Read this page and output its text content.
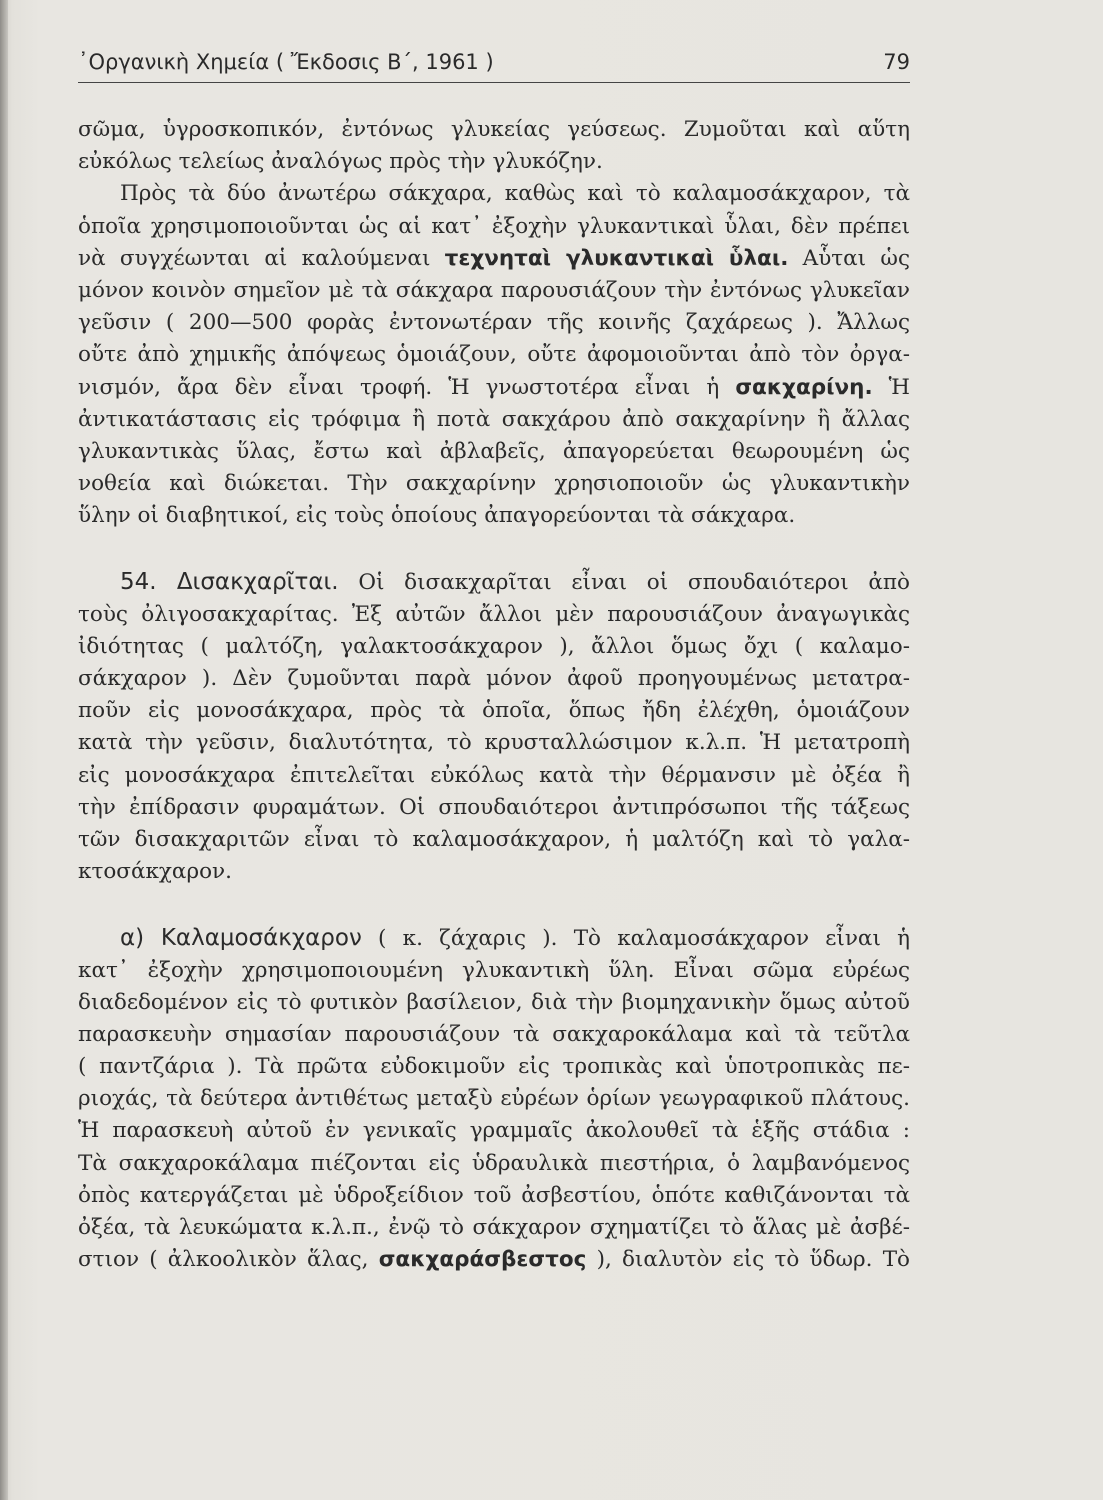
᾿Οργανικὴ Χημεία ( Ἔκδοσις Β΄, 1961 )	79
σῶμα, ὑγροσκοπικόν, ἐντόνως γλυκείας γεύσεως. Ζυμοῦται καὶ αὕτη
εὐκόλως τελείως ἀναλόγως πρὸς τὴν γλυκόζην.
Πρὸς τὰ δύο ἀνωτέρω σάκχαρα, καθὼς καὶ τὸ καλαμοσάκχαρον, τὰ
ὁποῖα χρησιμοποιοῦνται ὡς αἱ κατ᾿ ἐξοχὴν γλυκαντικαὶ ὗλαι, δὲν πρέπει
νὰ συγχέωνται αἱ καλούμεναι τεχνηταὶ γλυκαντικαὶ ὗλαι. Αὗται ὡς
μόνον κοινὸν σημεῖον μὲ τὰ σάκχαρα παρουσιάζουν τὴν ἐντόνως γλυκεῖαν
γεῦσιν ( 200—500 φορὰς ἐντονωτέραν τῆς κοινῆς ζαχάρεως ). Ἄλλως
οὔτε ἀπὸ χημικῆς ἀπόψεως ὁμοιάζουν, οὔτε ἀφομοιοῦνται ἀπὸ τὸν ὀργα-
νισμόν, ἄρα δὲν εἶναι τροφή. Ἡ γνωστοτέρα εἶναι ἡ σακχαρίνη. Ἡ
ἀντικατάστασις εἰς τρόφιμα ἢ ποτὰ σακχάρου ἀπὸ σακχαρίνην ἢ ἄλλας
γλυκαντικὰς ὕλας, ἔστω καὶ ἀβλαβεῖς, ἀπαγορεύεται θεωρουμένη ὡς
νοθεία καὶ διώκεται. Τὴν σακχαρίνην χρησιοποιοῦν ὡς γλυκαντικὴν
ὕλην οἱ διαβητικοί, εἰς τοὺς ὁποίους ἀπαγορεύονται τὰ σάκχαρα.
54. Δισακχαρῖται. Οἱ δισακχαρῖται εἶναι οἱ σπουδαιότεροι ἀπὸ
τοὺς ὀλιγοσακχαρίτας. Ἐξ αὐτῶν ἄλλοι μὲν παρουσιάζουν ἀναγωγικὰς
ἰδιότητας ( μαλτόζη, γαλακτοσάκχαρον ), ἄλλοι ὅμως ὄχι ( καλαμο-
σάκχαρον ). Δὲν ζυμοῦνται παρὰ μόνον ἀφοῦ προηγουμένως μετατρα-
ποῦν εἰς μονοσάκχαρα, πρὸς τὰ ὁποῖα, ὅπως ἤδη ἐλέχθη, ὁμοιάζουν
κατὰ τὴν γεῦσιν, διαλυτότητα, τὸ κρυσταλλώσιμον κ.λ.π. Ἡ μετατροπὴ
εἰς μονοσάκχαρα ἐπιτελεῖται εὐκόλως κατὰ τὴν θέρμανσιν μὲ ὀξέα ἢ
τὴν ἐπίδρασιν φυραμάτων. Οἱ σπουδαιότεροι ἀντιπρόσωποι τῆς τάξεως
τῶν δισακχαριτῶν εἶναι τὸ καλαμοσάκχαρον, ἡ μαλτόζη καὶ τὸ γαλα-
κτοσάκχαρον.
α) Καλαμοσάκχαρον ( κ. ζάχαρις ). Τὸ καλαμοσάκχαρον εἶναι ἡ
κατ᾿ ἐξοχὴν χρησιμοποιουμένη γλυκαντικὴ ὕλη. Εἶναι σῶμα εὐρέως
διαδεδομένον εἰς τὸ φυτικὸν βασίλειον, διὰ τὴν βιομηχανικὴν ὅμως αὐτοῦ
παρασκευὴν σημασίαν παρουσιάζουν τὰ σακχαροκάλαμα καὶ τὰ τεῦτλα
( παντζάρια ). Τὰ πρῶτα εὐδοκιμοῦν εἰς τροπικὰς καὶ ὑποτροπικὰς πε-
ριοχάς, τὰ δεύτερα ἀντιθέτως μεταξὺ εὐρέων ὁρίων γεωγραφικοῦ πλάτους.
Ἡ παρασκευὴ αὐτοῦ ἐν γενικαῖς γραμμαῖς ἀκολουθεῖ τὰ ἑξῆς στάδια :
Τὰ σακχαροκάλαμα πιέζονται εἰς ὑδραυλικὰ πιεστήρια, ὁ λαμβανόμενος
ὀπὸς κατεργάζεται μὲ ὑδροξείδιον τοῦ ἀσβεστίου, ὁπότε καθιζάνονται τὰ
ὀξέα, τὰ λευκώματα κ.λ.π., ἐνῷ τὸ σάκχαρον σχηματίζει τὸ ἅλας μὲ ἀσβέ-
στιον ( ἀλκοολικὸν ἅλας, σακχαράσβεστος ), διαλυτὸν εἰς τὸ ὕδωρ. Τὸ
